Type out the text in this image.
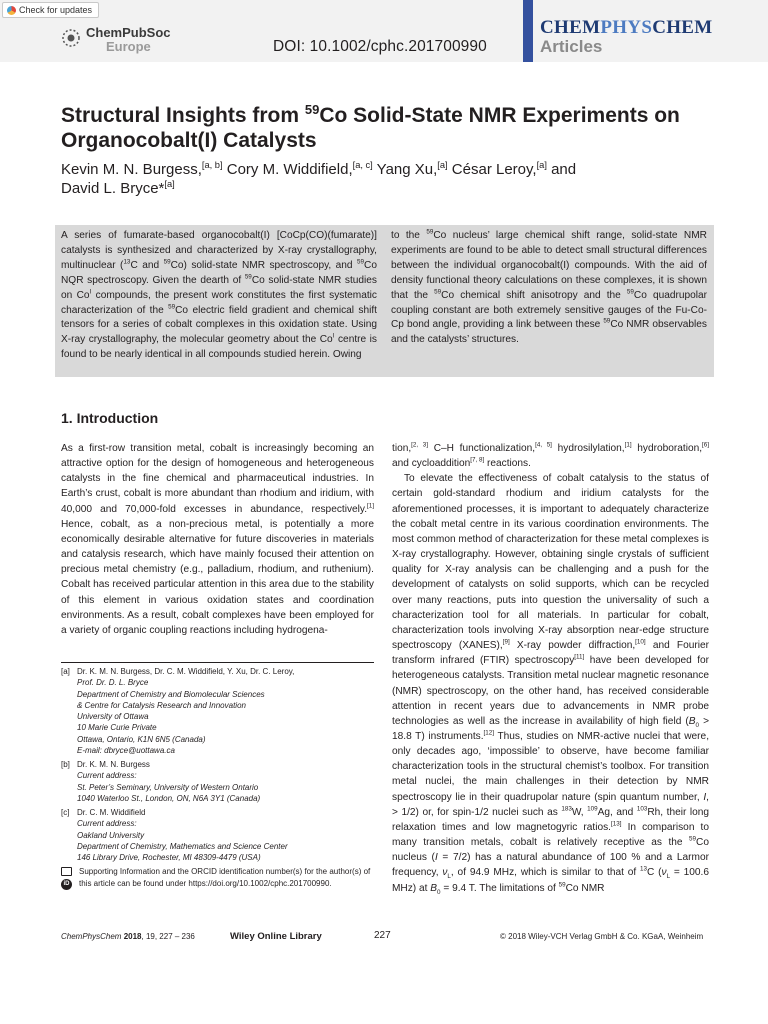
Check for updates
ChemPubSoc
Europe	DOI: 10.1002/cphc.201700990
CHEMPHYSCHEM
Articles
Structural Insights from $^{59}$Co Solid-State NMR Experiments on Organocobalt(I) Catalysts
Kevin M. N. Burgess,[a, b] Cory M. Widdifield,[a, c] Yang Xu,[a] César Leroy,[a] and
David L. Bryce*[a]

A series of fumarate-based organocobalt(I) [CoCp(CO)(fumarate)] catalysts is synthesized and characterized by X-ray crystallography, multinuclear ($^{13}$C and $^{59}$Co) solid-state NMR spectroscopy, and $^{59}$Co NQR spectroscopy. Given the dearth of $^{59}$Co solid-state NMR studies on $Co^I$ compounds, the present work constitutes the first systematic characterization of the $^{59}$Co electric field gradient and chemical shift tensors for a series of cobalt complexes in this oxidation state. Using X-ray crystallography, the molecular geometry about the $Co^I$ centre is found to be nearly identical in all compounds studied herein. Owing

to the $^{59}$Co nucleus’ large chemical shift range, solid-state NMR experiments are found to be able to detect small structural differences between the individual organocobalt(I) compounds. With the aid of density functional theory calculations on these complexes, it is shown that the $^{59}$Co chemical shift anisotropy and the $^{59}$Co quadrupolar coupling constant are both extremely sensitive gauges of the Fu-Co-Cp bond angle, providing a link between these $^{59}$Co NMR observables and the catalysts’ structures.

1. Introduction

As a first-row transition metal, cobalt is increasingly becoming an attractive option for the design of homogeneous and heterogeneous catalysts in the fine chemical and pharmaceutical industries. In Earth’s crust, cobalt is more abundant than rhodium and iridium, with 40,000 and 70,000-fold excesses in abundance, respectively.[1] Hence, cobalt, as a non-precious metal, is potentially a more economically desirable alternative for future discoveries in materials and catalysis research, which have mainly focused their attention on precious metal chemistry (e.g., palladium, rhodium, and ruthenium). Cobalt has received particular attention in this area due to the stability of this element in various oxidation states and coordination environments. As a result, cobalt complexes have been employed for a variety of organic coupling reactions including hydrogena-

tion,[2, 3] C–H functionalization,[4, 5] hydrosilylation,[1] hydroboration,[6] and cycloaddition[7, 8] reactions.

To elevate the effectiveness of cobalt catalysis to the status of certain gold-standard rhodium and iridium catalysts for the aforementioned processes, it is important to adequately characterize the cobalt metal centre in its various coordination environments. The most common method of characterization for these metal complexes is X-ray crystallography. However, obtaining single crystals of sufficient quality for X-ray analysis can be challenging and a push for the development of catalysts on solid supports, which can be recycled over many reactions, puts into question the universality of such a characterization tool for all materials. In particular for cobalt, characterization tools involving X-ray absorption near-edge structure spectroscopy (XANES),[9] X-ray powder diffraction,[10] and Fourier transform infrared (FTIR) spectroscopy[11] have been developed for heterogeneous catalysts. Transition metal nuclear magnetic resonance (NMR) spectroscopy, on the other hand, has received considerable attention in recent years due to advancements in NMR probe technologies as well as the increase in availability of high field ($B_0 > 18.8$ T) instruments.[12] Thus, studies on NMR-active nuclei that were, only decades ago, ‘impossible’ to observe, have become familiar characterization tools in the structural chemist’s toolbox. For transition metal nuclei, the main challenges in their detection by NMR spectroscopy lie in their quadrupolar nature (spin quantum number, I, > 1/2) or, for spin-1/2 nuclei such as $^{183}$W, $^{109}$Ag, and $^{103}$Rh, their long relaxation times and low magnetogyric ratios.[13] In comparison to many transition metals, cobalt is relatively receptive as the $^{59}$Co nucleus (I = 7/2) has a natural abundance of 100 % and a Larmor frequency, $\nu_L$, of 94.9 MHz, which is similar to that of $^{13}$C ($\nu_L = 100.6$ MHz) at $B_0 = 9.4$ T. The limitations of $^{59}$Co NMR

[a] Dr. K. M. N. Burgess, Dr. C. M. Widdifield, Y. Xu, Dr. C. Leroy,
Prof. Dr. D. L. Bryce
Department of Chemistry and Biomolecular Sciences
& Centre for Catalysis Research and Innovation
University of Ottawa
10 Marie Curie Private
Ottawa, Ontario, K1N 6N5 (Canada)
E-mail: dbryce@uottawa.ca
[b] Dr. K. M. N. Burgess
Current address:
St. Peter’s Seminary, University of Western Ontario
1040 Waterloo St., London, ON, N6A 3Y1 (Canada)
[c] Dr. C. M. Widdifield
Current address:
Oakland University
Department of Chemistry, Mathematics and Science Center
146 Library Drive, Rochester, MI 48309-4479 (USA)
iD
Supporting Information and the ORCID identification number(s) for the author(s) of this article can be found under https://doi.org/10.1002/cphc.201700990.
ChemPhysChem 2018, 19, 227 – 236	Wiley Online Library	227	© 2018 Wiley-VCH Verlag GmbH & Co. KGaA, Weinheim
